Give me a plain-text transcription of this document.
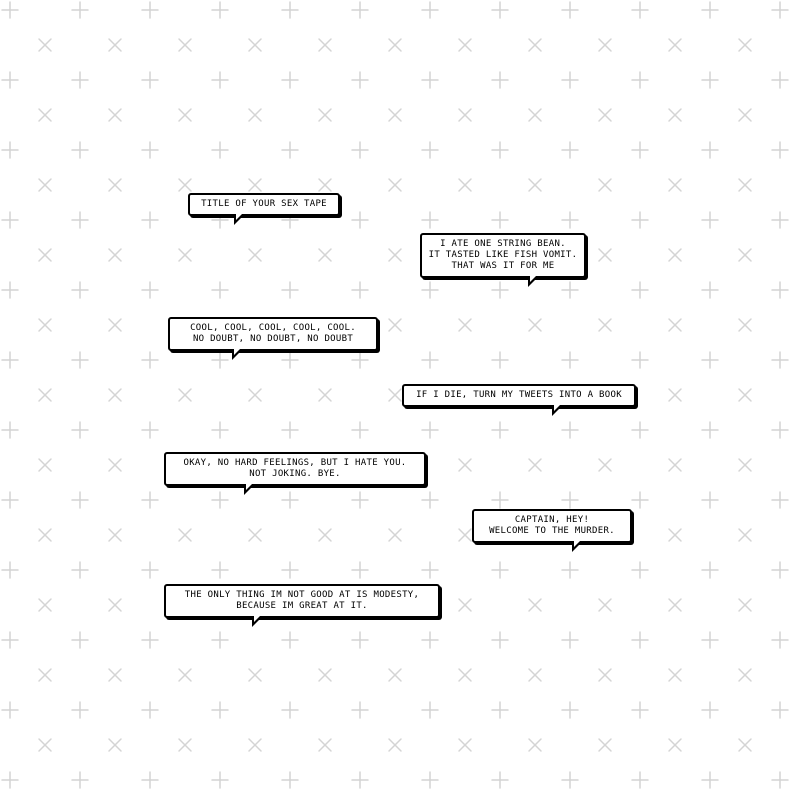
TITLE OF YOUR SEX TAPE
I ATE ONE STRING BEAN.
IT TASTED LIKE FISH VOMIT.
THAT WAS IT FOR ME
COOL, COOL, COOL, COOL, COOL.
NO DOUBT, NO DOUBT, NO DOUBT
IF I DIE, TURN MY TWEETS INTO A BOOK
OKAY, NO HARD FEELINGS, BUT I HATE YOU.
NOT JOKING. BYE.
CAPTAIN, HEY!
WELCOME TO THE MURDER.
THE ONLY THING IM NOT GOOD AT IS MODESTY,
BECAUSE IM GREAT AT IT.
